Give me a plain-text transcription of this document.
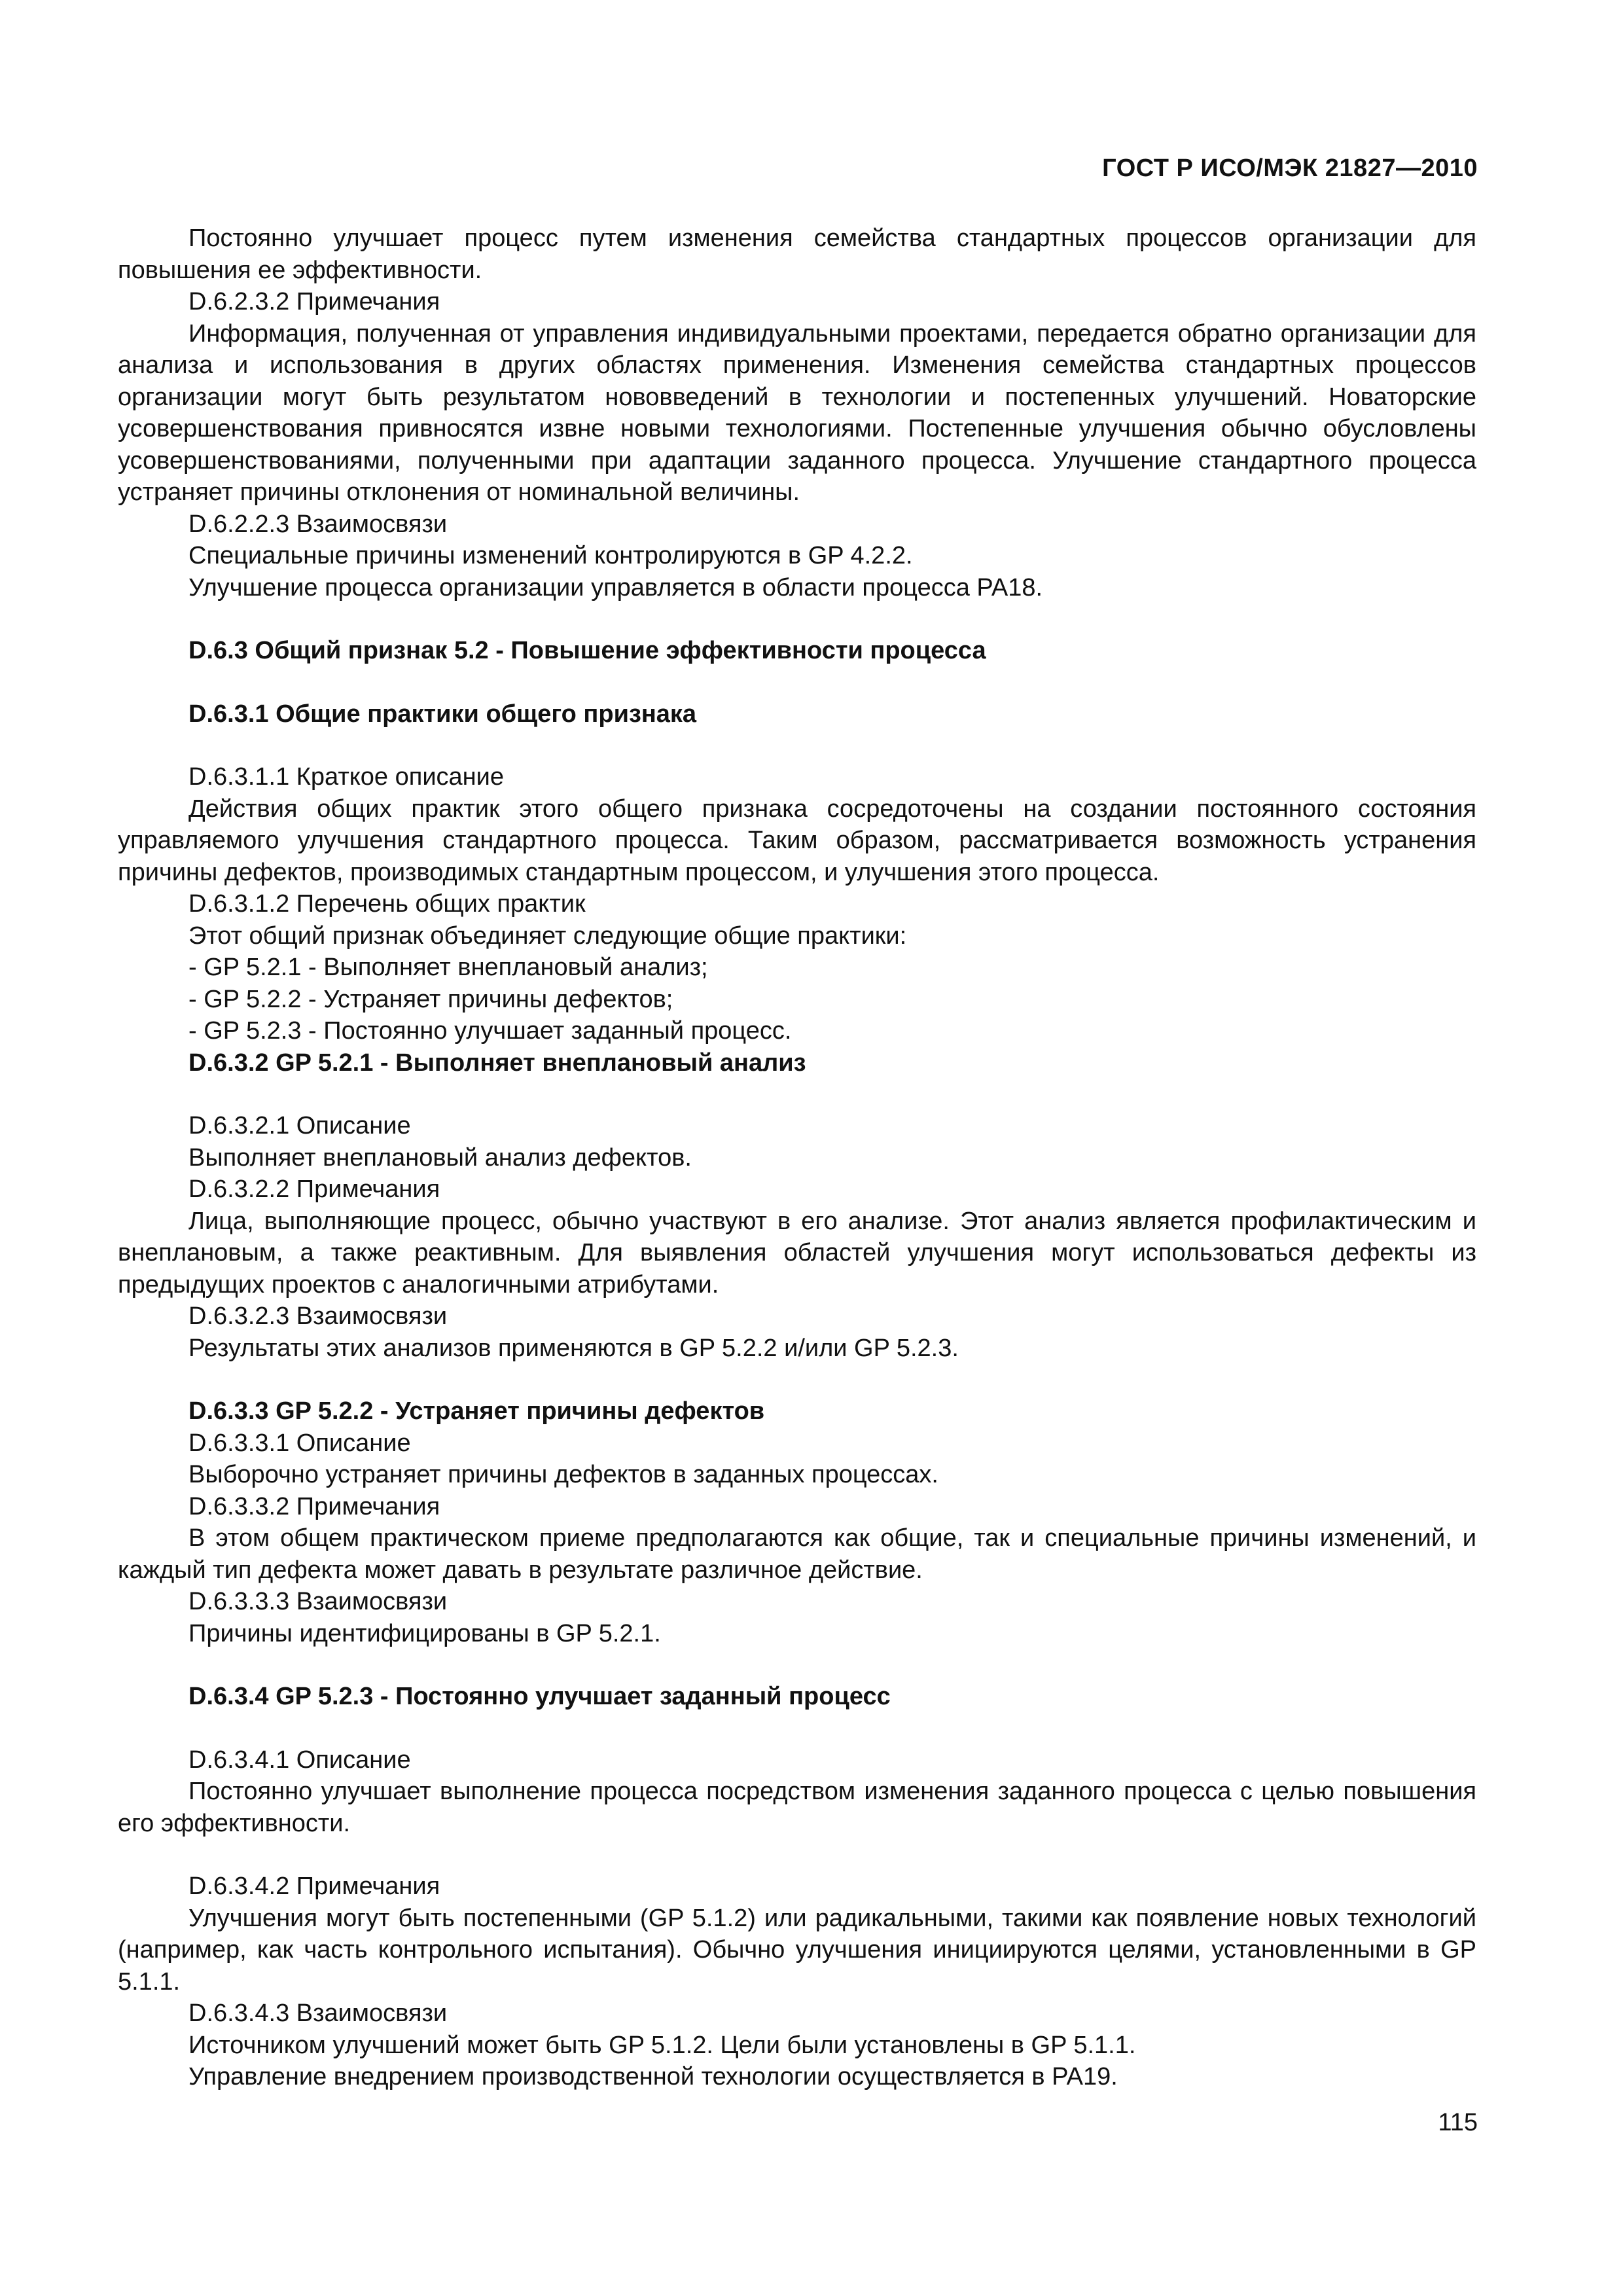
ГОСТ Р ИСО/МЭК 21827—2010

Постоянно улучшает процесс путем изменения семейства стандартных процессов организации для повышения ее эффективности.

D.6.2.3.2 Примечания

Информация, полученная от управления индивидуальными проектами, передается обратно организации для анализа и использования в других областях применения. Изменения семейства стандартных процессов организации могут быть результатом нововведений в технологии и постепенных улучшений. Новаторские усовершенствования привносятся извне новыми технологиями. Постепенные улучшения обычно обусловлены усовершенствованиями, полученными при адаптации заданного процесса. Улучшение стандартного процесса устраняет причины отклонения от номинальной величины.

D.6.2.2.3 Взаимосвязи

Специальные причины изменений контролируются в GP 4.2.2.

Улучшение процесса организации управляется в области процесса PA18.

D.6.3 Общий признак 5.2 - Повышение эффективности процесса

D.6.3.1 Общие практики общего признака

D.6.3.1.1 Краткое описание

Действия общих практик этого общего признака сосредоточены на создании постоянного состояния управляемого улучшения стандартного процесса. Таким образом, рассматривается возможность устранения причины дефектов, производимых стандартным процессом, и улучшения этого процесса.

D.6.3.1.2 Перечень общих практик

Этот общий признак объединяет следующие общие практики:

- GP 5.2.1 - Выполняет внеплановый анализ;

- GP 5.2.2 - Устраняет причины дефектов;

- GP 5.2.3 - Постоянно улучшает заданный процесс.

D.6.3.2 GP 5.2.1 - Выполняет внеплановый анализ

D.6.3.2.1 Описание

Выполняет внеплановый анализ дефектов.

D.6.3.2.2 Примечания

Лица, выполняющие процесс, обычно участвуют в его анализе. Этот анализ является профилактическим и внеплановым, а также реактивным. Для выявления областей улучшения могут использоваться дефекты из предыдущих проектов с аналогичными атрибутами.

D.6.3.2.3 Взаимосвязи

Результаты этих анализов применяются в GP 5.2.2 и/или GP 5.2.3.

D.6.3.3 GP 5.2.2 - Устраняет причины дефектов

D.6.3.3.1 Описание

Выборочно устраняет причины дефектов в заданных процессах.

D.6.3.3.2 Примечания

В этом общем практическом приеме предполагаются как общие, так и специальные причины изменений, и каждый тип дефекта может давать в результате различное действие.

D.6.3.3.3 Взаимосвязи

Причины идентифицированы в GP 5.2.1.

D.6.3.4 GP 5.2.3 - Постоянно улучшает заданный процесс

D.6.3.4.1 Описание

Постоянно улучшает выполнение процесса посредством изменения заданного процесса с целью повышения его эффективности.

D.6.3.4.2 Примечания

Улучшения могут быть постепенными (GP 5.1.2) или радикальными, такими как появление новых технологий (например, как часть контрольного испытания). Обычно улучшения инициируются целями, установленными в GP 5.1.1.

D.6.3.4.3 Взаимосвязи

Источником улучшений может быть GP 5.1.2. Цели были установлены в GP 5.1.1.

Управление внедрением производственной технологии осуществляется в PA19.

115
